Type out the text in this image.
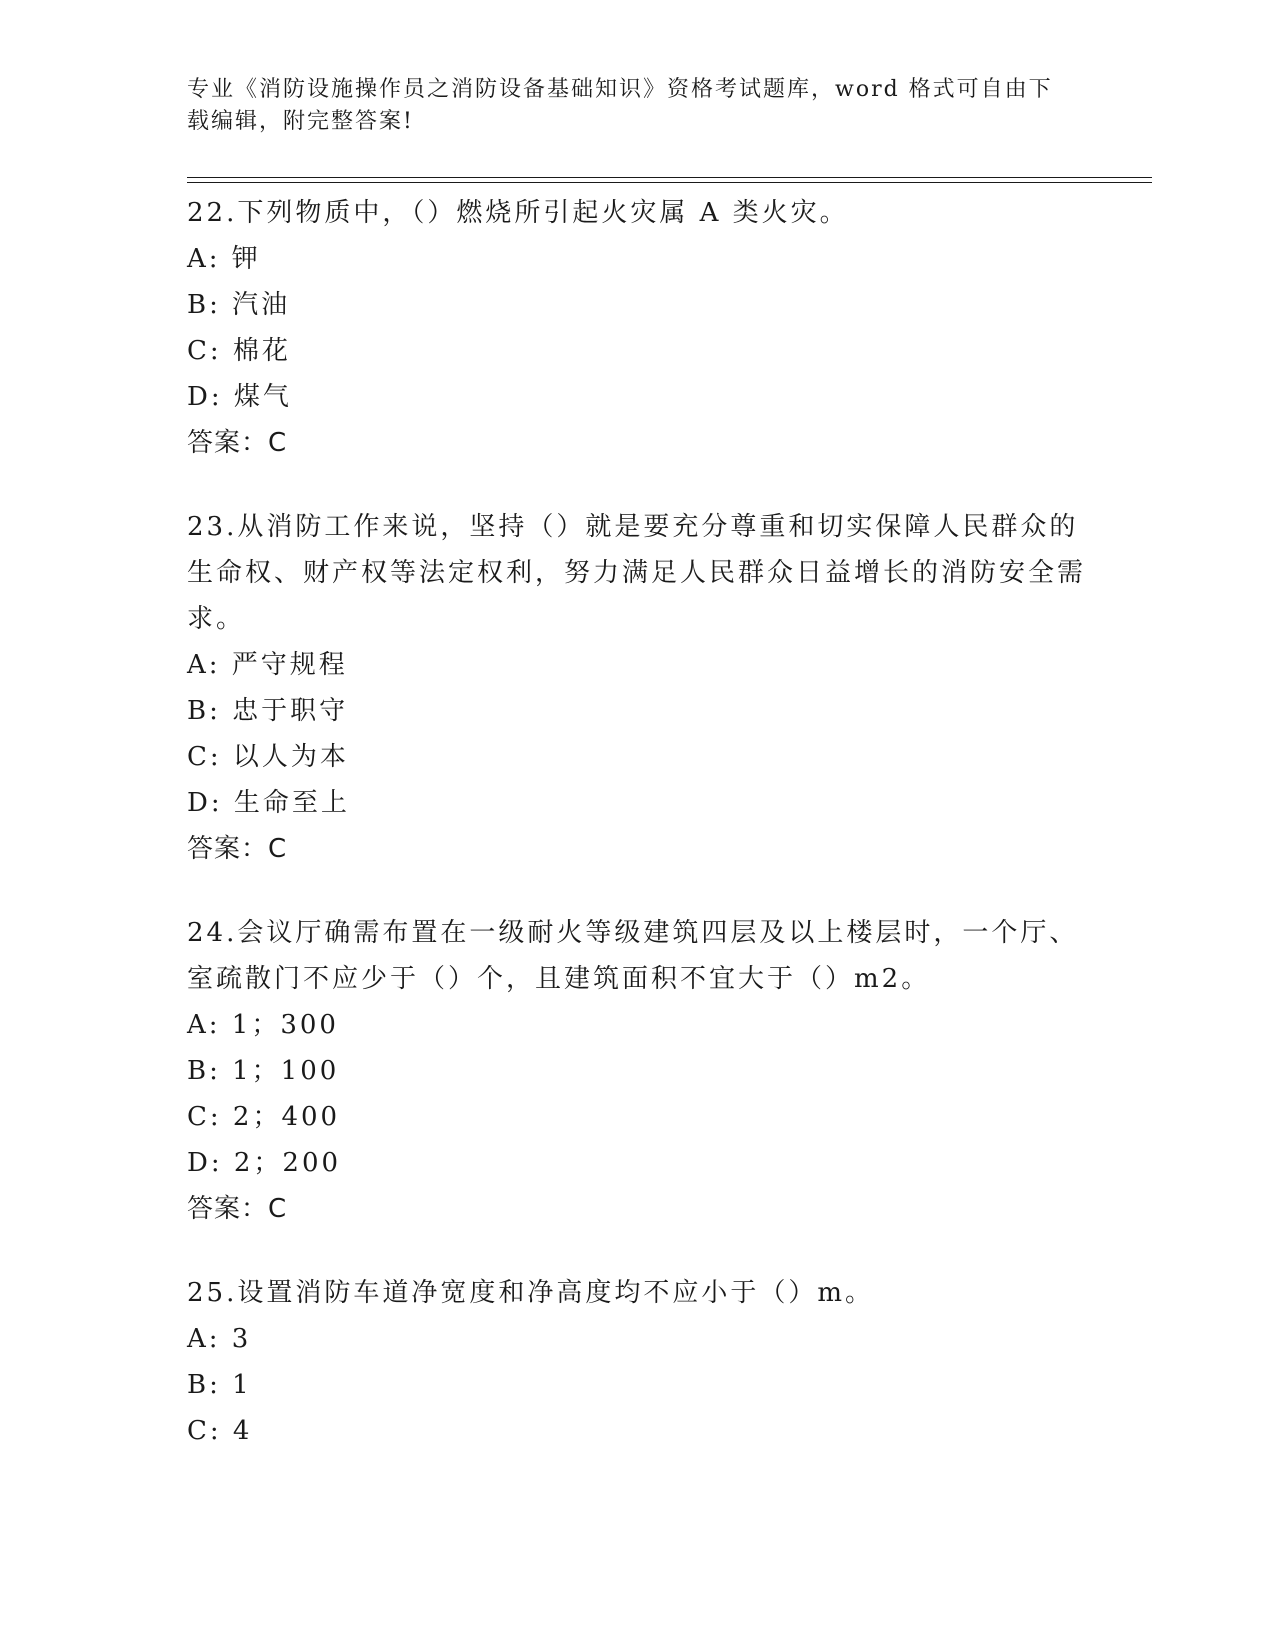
专业《消防设施操作员之消防设备基础知识》资格考试题库，word 格式可自由下载编辑，附完整答案!
22.下列物质中，（）燃烧所引起火灾属 A 类火灾。
A: 钾
B: 汽油
C: 棉花
D: 煤气
答案：C
23.从消防工作来说，坚持（）就是要充分尊重和切实保障人民群众的生命权、财产权等法定权利，努力满足人民群众日益增长的消防安全需求。
A: 严守规程
B: 忠于职守
C: 以人为本
D: 生命至上
答案：C
24.会议厅确需布置在一级耐火等级建筑四层及以上楼层时，一个厅、室疏散门不应少于（）个，且建筑面积不宜大于（）m2。
A: 1；300
B: 1；100
C: 2；400
D: 2；200
答案：C
25.设置消防车道净宽度和净高度均不应小于（）m。
A: 3
B: 1
C: 4
